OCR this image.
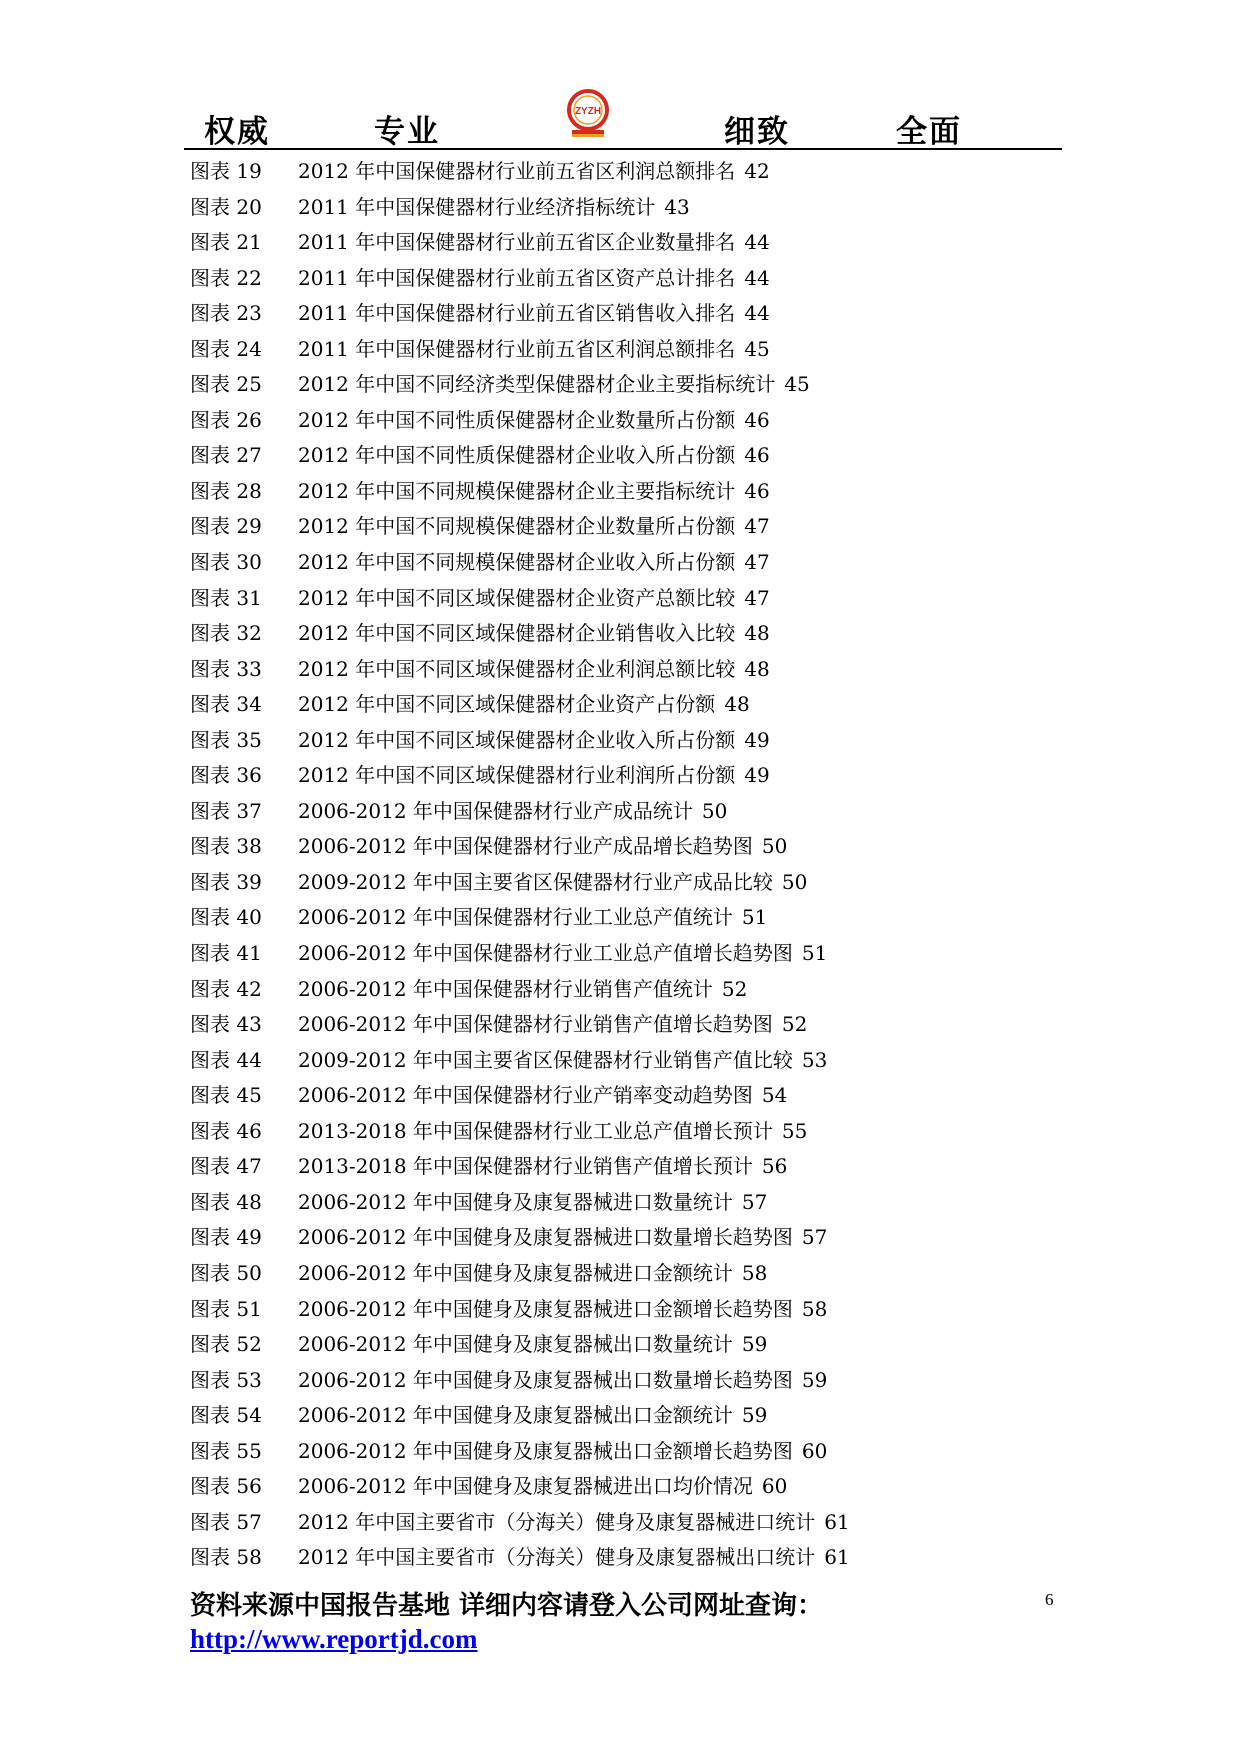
权威	专业
ZYZH
细致	全面
图表 19 2012 年中国保健器材行业前五省区利润总额排名 42
图表 20 2011 年中国保健器材行业经济指标统计 43
图表 21 2011 年中国保健器材行业前五省区企业数量排名 44
图表 22 2011 年中国保健器材行业前五省区资产总计排名 44
图表 23 2011 年中国保健器材行业前五省区销售收入排名 44
图表 24 2011 年中国保健器材行业前五省区利润总额排名 45
图表 25 2012 年中国不同经济类型保健器材企业主要指标统计 45
图表 26 2012 年中国不同性质保健器材企业数量所占份额 46
图表 27 2012 年中国不同性质保健器材企业收入所占份额 46
图表 28 2012 年中国不同规模保健器材企业主要指标统计 46
图表 29 2012 年中国不同规模保健器材企业数量所占份额 47
图表 30 2012 年中国不同规模保健器材企业收入所占份额 47
图表 31 2012 年中国不同区域保健器材企业资产总额比较 47
图表 32 2012 年中国不同区域保健器材企业销售收入比较 48
图表 33 2012 年中国不同区域保健器材企业利润总额比较 48
图表 34 2012 年中国不同区域保健器材企业资产占份额 48
图表 35 2012 年中国不同区域保健器材企业收入所占份额 49
图表 36 2012 年中国不同区域保健器材行业利润所占份额 49
图表 37 2006-2012 年中国保健器材行业产成品统计 50
图表 38 2006-2012 年中国保健器材行业产成品增长趋势图 50
图表 39 2009-2012 年中国主要省区保健器材行业产成品比较 50
图表 40 2006-2012 年中国保健器材行业工业总产值统计 51
图表 41 2006-2012 年中国保健器材行业工业总产值增长趋势图 51
图表 42 2006-2012 年中国保健器材行业销售产值统计 52
图表 43 2006-2012 年中国保健器材行业销售产值增长趋势图 52
图表 44 2009-2012 年中国主要省区保健器材行业销售产值比较 53
图表 45 2006-2012 年中国保健器材行业产销率变动趋势图 54
图表 46 2013-2018 年中国保健器材行业工业总产值增长预计 55
图表 47 2013-2018 年中国保健器材行业销售产值增长预计 56
图表 48 2006-2012 年中国健身及康复器械进口数量统计 57
图表 49 2006-2012 年中国健身及康复器械进口数量增长趋势图 57
图表 50 2006-2012 年中国健身及康复器械进口金额统计 58
图表 51 2006-2012 年中国健身及康复器械进口金额增长趋势图 58
图表 52 2006-2012 年中国健身及康复器械出口数量统计 59
图表 53 2006-2012 年中国健身及康复器械出口数量增长趋势图 59
图表 54 2006-2012 年中国健身及康复器械出口金额统计 59
图表 55 2006-2012 年中国健身及康复器械出口金额增长趋势图 60
图表 56 2006-2012 年中国健身及康复器械进出口均价情况 60
图表 57 2012 年中国主要省市（分海关）健身及康复器械进口统计 61
图表 58 2012 年中国主要省市（分海关）健身及康复器械出口统计 61
资料来源中国报告基地 详细内容请登入公司网址查询：
http://www.reportjd.com
6
